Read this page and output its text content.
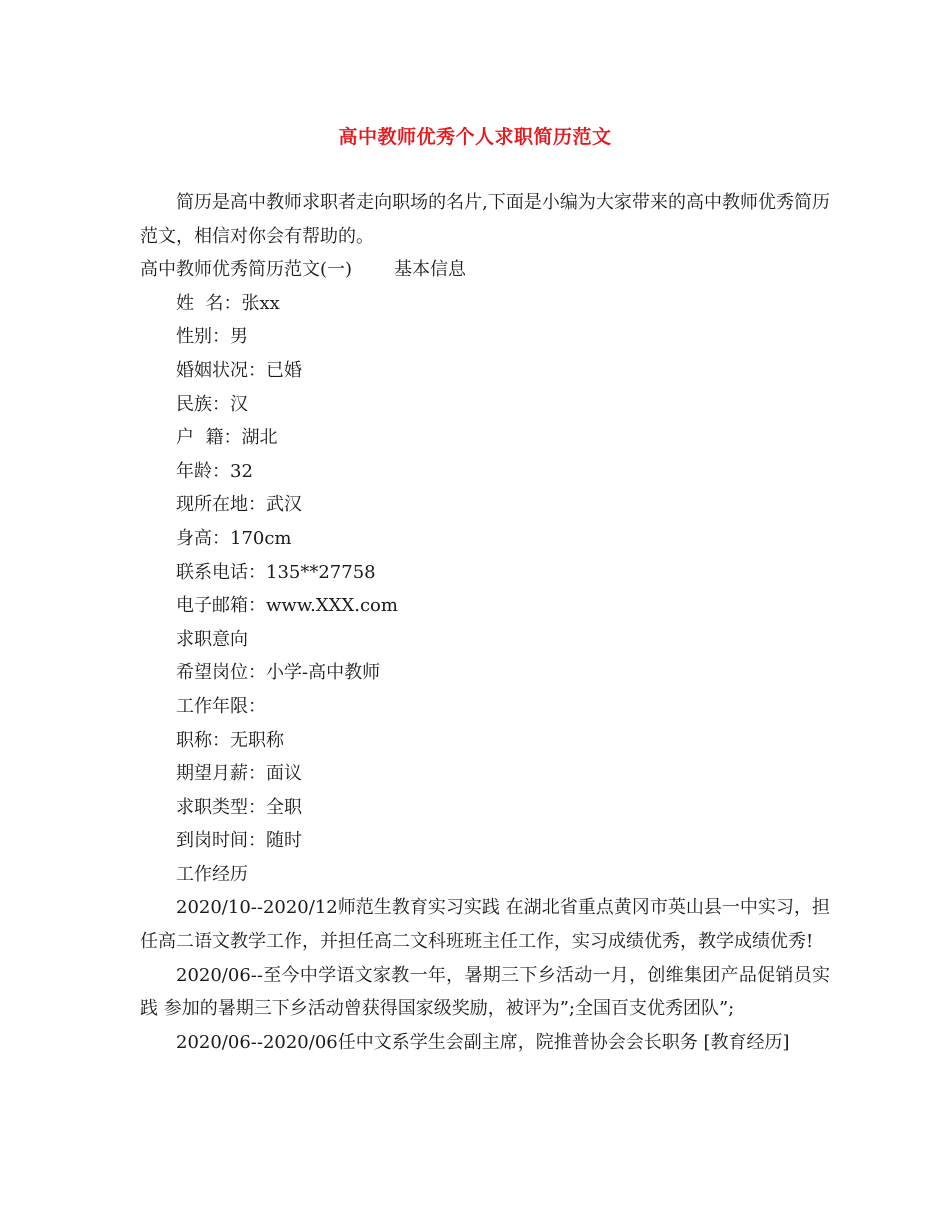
高中教师优秀个人求职简历范文

简历是高中教师求职者走向职场的名片,下面是小编为大家带来的高中教师优秀简历范文，相信对你会有帮助的。

高中教师优秀简历范文(一) 基本信息

姓  名：张xx

性别：男

婚姻状况：已婚

民族：汉

户  籍：湖北

年龄：32

现所在地：武汉

身高：170cm

联系电话：135**27758

电子邮箱：www.XXX.com

求职意向

希望岗位：小学-高中教师

工作年限：

职称：无职称

期望月薪：面议

求职类型：全职

到岗时间：随时

工作经历

2020/10--2020/12师范生教育实习实践 在湖北省重点黄冈市英山县一中实习，担任高二语文教学工作，并担任高二文科班班主任工作，实习成绩优秀，教学成绩优秀!

2020/06--至今中学语文家教一年，暑期三下乡活动一月，创维集团产品促销员实践 参加的暑期三下乡活动曾获得国家级奖励，被评为”;全国百支优秀团队”;

2020/06--2020/06任中文系学生会副主席，院推普协会会长职务 [教育经历]
